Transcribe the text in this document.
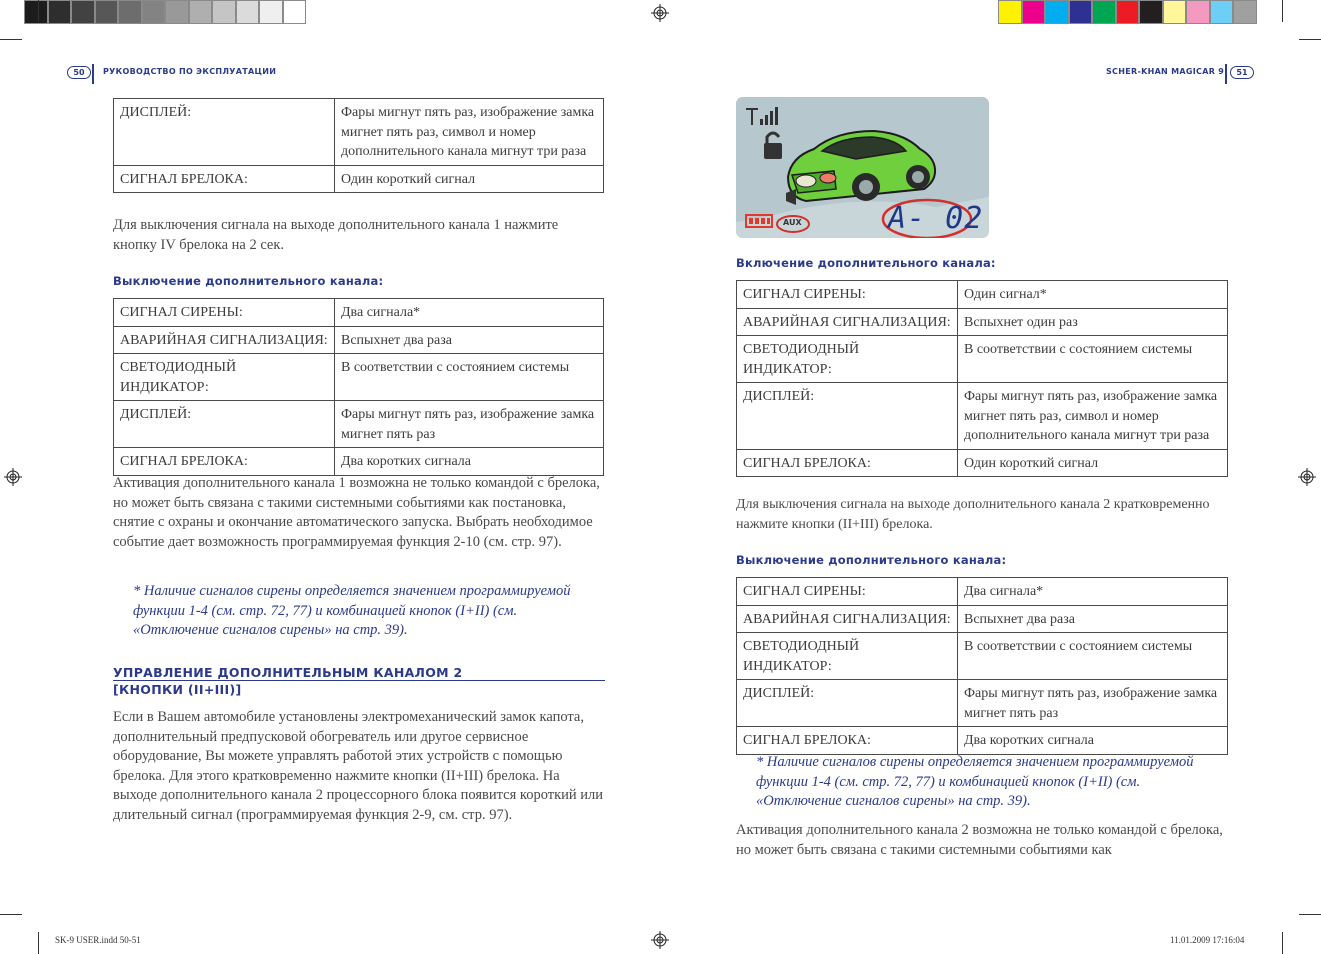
50	РУКОВОДСТВО ПО ЭКСПЛУАТАЦИИ
ДИСПЛЕЙ:	Фары мигнут пять раз, изображение замка мигнет пять раз, символ и номер дополнительного канала мигнут три раза
СИГНАЛ БРЕЛОКА:	Один короткий сигнал
Для выключения сигнала на выходе дополнительного канала 1 нажмите кнопку IV брелока на 2 сек.
Выключение дополнительного канала:
СИГНАЛ СИРЕНЫ:	Два сигнала*
АВАРИЙНАЯ СИГНАЛИЗАЦИЯ:	Вспыхнет два раза
СВЕТОДИОДНЫЙ ИНДИКАТОР:	В соответствии с состоянием системы
ДИСПЛЕЙ:	Фары мигнут пять раз, изображение замка мигнет пять раз
СИГНАЛ БРЕЛОКА:	Два коротких сигнала
Активация дополнительного канала 1 возможна не только командой с брелока, но может быть связана с такими системными событиями как постановка, снятие с охраны и окончание автоматического запуска. Выбрать необходимое событие дает возможность программируемая функция 2-10 (см. стр. 97).
* Наличие сигналов сирены определяется значением программируемой функции 1-4 (см. стр. 72, 77) и комбинацией кнопок (I+II) (см. «Отключение сигналов сирены» на стр. 39).
УПРАВЛЕНИЕ ДОПОЛНИТЕЛЬНЫМ КАНАЛОМ 2
[КНОПКИ (II+III)]
Если в Вашем автомобиле установлены электромеханический замок капота, дополнительный предпусковой обогреватель или другое сервисное оборудование, Вы можете управлять работой этих устройств с помощью брелока. Для этого кратковременно нажмите кнопки (II+III) брелока. На выходе дополнительного канала 2 процессорного блока появится короткий или длительный сигнал (программируемая функция 2-9, см. стр. 97).
SCHER-KHAN MAGICAR 9	51
AUX	A- 02
Включение дополнительного канала:
СИГНАЛ СИРЕНЫ:	Один сигнал*
АВАРИЙНАЯ СИГНАЛИЗАЦИЯ:	Вспыхнет один раз
СВЕТОДИОДНЫЙ ИНДИКАТОР:	В соответствии с состоянием системы
ДИСПЛЕЙ:	Фары мигнут пять раз, изображение замка мигнет пять раз, символ и номер дополнительного канала мигнут три раза
СИГНАЛ БРЕЛОКА:	Один короткий сигнал
Для выключения сигнала на выходе дополнительного канала 2 кратковременно нажмите кнопки (II+III) брелока.
Выключение дополнительного канала:
СИГНАЛ СИРЕНЫ:	Два сигнала*
АВАРИЙНАЯ СИГНАЛИЗАЦИЯ:	Вспыхнет два раза
СВЕТОДИОДНЫЙ ИНДИКАТОР:	В соответствии с состоянием системы
ДИСПЛЕЙ:	Фары мигнут пять раз, изображение замка мигнет пять раз
СИГНАЛ БРЕЛОКА:	Два коротких сигнала
* Наличие сигналов сирены определяется значением программируемой функции 1-4 (см. стр. 72, 77) и комбинацией кнопок (I+II) (см. «Отключение сигналов сирены» на стр. 39).
Активация дополнительного канала 2 возможна не только командой с брелока, но может быть связана с такими системными событиями как
SK-9 USER.indd 50-51	11.01.2009 17:16:04
